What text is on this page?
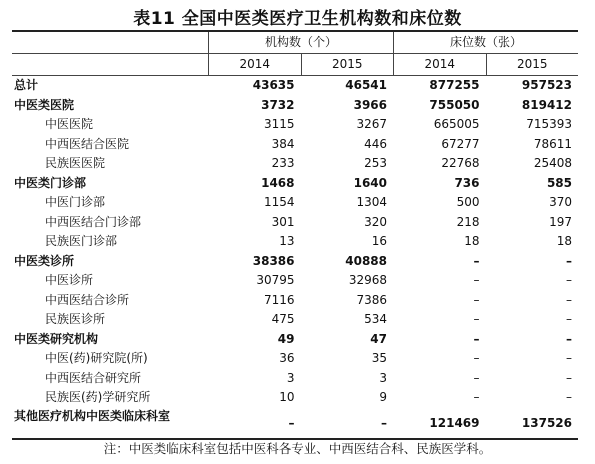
表11 全国中医类医疗卫生机构数和床位数
机构数（个）	床位数（张）
2014	2015	2014	2015
总计	43635	46541	877255	957523
中医类医院	3732	3966	755050	819412
中医医院	3115	3267	665005	715393
中西医结合医院	384	446	67277	78611
民族医医院	233	253	22768	25408
中医类门诊部	1468	1640	736	585
中医门诊部	1154	1304	500	370
中西医结合门诊部	301	320	218	197
民族医门诊部	13	16	18	18
中医类诊所	38386	40888	–	–
中医诊所	30795	32968	–	–
中西医结合诊所	7116	7386	–	–
民族医诊所	475	534	–	–
中医类研究机构	49	47	–	–
中医(药)研究院(所)	36	35	–	–
中西医结合研究所	3	3	–	–
民族医(药)学研究所	10	9	–	–
其他医疗机构中医类临床科室	–	–	121469	137526
注：中医类临床科室包括中医科各专业、中西医结合科、民族医学科。
